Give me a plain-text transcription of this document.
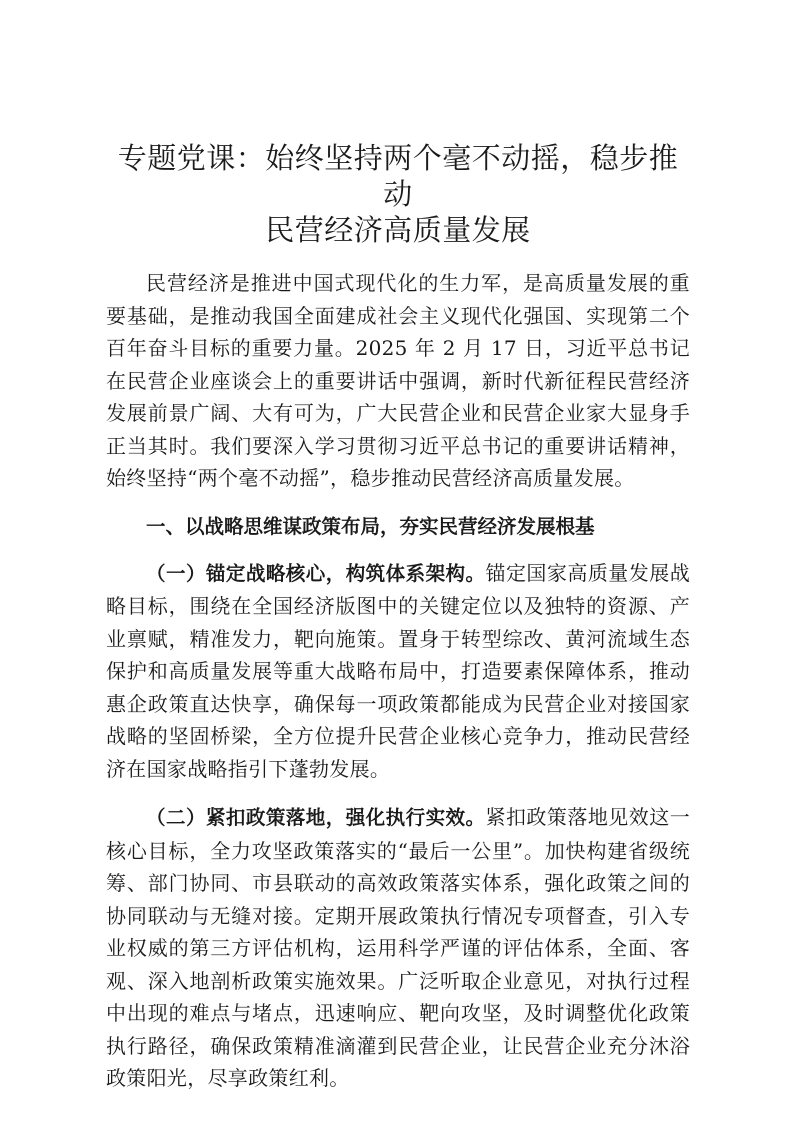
专题党课：始终坚持两个毫不动摇，稳步推动
民营经济高质量发展

民营经济是推进中国式现代化的生力军，是高质量发展的重要基础，是推动我国全面建成社会主义现代化强国、实现第二个百年奋斗目标的重要力量。2025 年 2 月 17 日，习近平总书记在民营企业座谈会上的重要讲话中强调，新时代新征程民营经济发展前景广阔、大有可为，广大民营企业和民营企业家大显身手正当其时。我们要深入学习贯彻习近平总书记的重要讲话精神，始终坚持“两个毫不动摇”，稳步推动民营经济高质量发展。

一、以战略思维谋政策布局，夯实民营经济发展根基

（一）锚定战略核心，构筑体系架构。锚定国家高质量发展战略目标，围绕在全国经济版图中的关键定位以及独特的资源、产业禀赋，精准发力，靶向施策。置身于转型综改、黄河流域生态保护和高质量发展等重大战略布局中，打造要素保障体系，推动惠企政策直达快享，确保每一项政策都能成为民营企业对接国家战略的坚固桥梁，全方位提升民营企业核心竞争力，推动民营经济在国家战略指引下蓬勃发展。

（二）紧扣政策落地，强化执行实效。紧扣政策落地见效这一核心目标，全力攻坚政策落实的“最后一公里”。加快构建省级统筹、部门协同、市县联动的高效政策落实体系，强化政策之间的协同联动与无缝对接。定期开展政策执行情况专项督查，引入专业权威的第三方评估机构，运用科学严谨的评估体系，全面、客观、深入地剖析政策实施效果。广泛听取企业意见，对执行过程中出现的难点与堵点，迅速响应、靶向攻坚，及时调整优化政策执行路径，确保政策精准滴灌到民营企业，让民营企业充分沐浴政策阳光，尽享政策红利。
